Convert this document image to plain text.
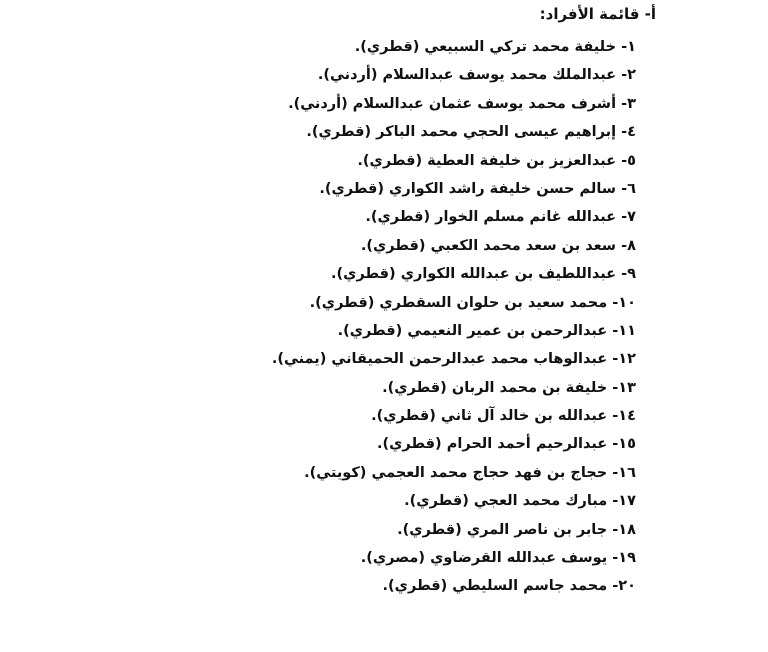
أ- قائمة الأفراد:
١- خليفة محمد تركي السبيعي (قطري).
٢- عبدالملك محمد يوسف عبدالسلام (أردني).
٣- أشرف محمد يوسف عثمان عبدالسلام (أردني).
٤- إبراهيم عيسى الحجي محمد الباكر (قطري).
٥- عبدالعزيز بن خليفة العطية (قطري).
٦- سالم حسن خليفة راشد الكواري (قطري).
٧- عبدالله غانم مسلم الخوار (قطري).
٨- سعد بن سعد محمد الكعبي (قطري).
٩- عبداللطيف بن عبدالله الكواري (قطري).
١٠- محمد سعيد بن حلوان السقطري (قطري).
١١- عبدالرحمن بن عمير النعيمي (قطري).
١٢- عبدالوهاب محمد عبدالرحمن الحميقاني (يمني).
١٣- خليفة بن محمد الربان (قطري).
١٤- عبدالله بن خالد آل ثاني (قطري).
١٥- عبدالرحيم أحمد الحرام (قطري).
١٦- حجاج بن فهد حجاج محمد العجمي (كويتي).
١٧- مبارك محمد العجي (قطري).
١٨- جابر بن ناصر المري (قطري).
١٩- يوسف عبدالله القرضاوي (مصري).
٢٠- محمد جاسم السليطي (قطري).
